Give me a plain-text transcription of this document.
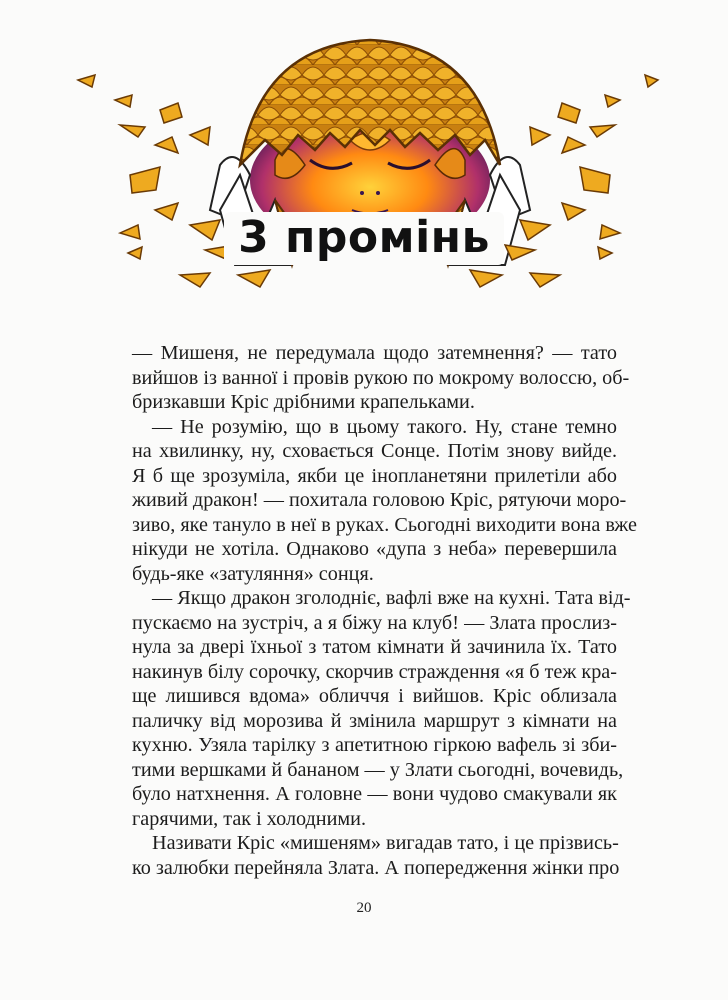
3 промінь
— Мишеня, не передумала щодо затемнення? — тато
вийшов із ванної і провів рукою по мокрому волоссю, об-
бризкавши Кріс дрібними крапельками.
— Не розумію, що в цьому такого. Ну, стане темно
на хвилинку, ну, сховається Сонце. Потім знову вийде.
Я б ще зрозуміла, якби це інопланетяни прилетіли або
живий дракон! — похитала головою Кріс, рятуючи моро-
зиво, яке тануло в неї в руках. Сьогодні виходити вона вже
нікуди не хотіла. Однаково «дупа з неба» перевершила
будь-яке «затуляння» сонця.
— Якщо дракон зголодніє, вафлі вже на кухні. Тата від-
пускаємо на зустріч, а я біжу на клуб! — Злата прослиз-
нула за двері їхньої з татом кімнати й зачинила їх. Тато
накинув білу сорочку, скорчив страждення «я б теж кра-
ще лишився вдома» обличчя і вийшов. Кріс облизала
паличку від морозива й змінила маршрут з кімнати на
кухню. Узяла тарілку з апетитною гіркою вафель зі зби-
тими вершками й бананом — у Злати сьогодні, вочевидь,
було натхнення. А головне — вони чудово смакували як
гарячими, так і холодними.
Називати Кріс «мишеням» вигадав тато, і це прізвись-
ко залюбки перейняла Злата. А попередження жінки про
20
